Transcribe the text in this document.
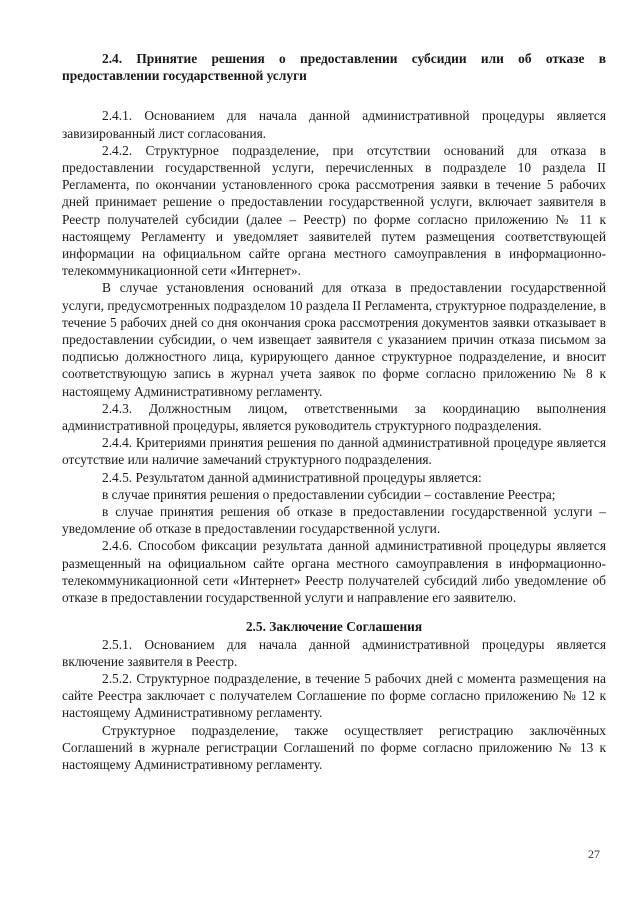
2.4. Принятие решения о предоставлении субсидии или об отказе в предоставлении государственной услуги

2.4.1. Основанием для начала данной административной процедуры является завизированный лист согласования.

2.4.2. Структурное подразделение, при отсутствии оснований для отказа в предоставлении государственной услуги, перечисленных в подразделе 10 раздела II Регламента, по окончании установленного срока рассмотрения заявки в течение 5 рабочих дней принимает решение о предоставлении государственной услуги, включает заявителя в Реестр получателей субсидии (далее – Реестр) по форме согласно приложению № 11 к настоящему Регламенту и уведомляет заявителей путем размещения соответствующей информации на официальном сайте органа местного самоуправления в информационно-телекоммуникационной сети «Интернет».

В случае установления оснований для отказа в предоставлении государственной услуги, предусмотренных подразделом 10 раздела II Регламента, структурное подразделение, в течение 5 рабочих дней со дня окончания срока рассмотрения документов заявки отказывает в предоставлении субсидии, о чем извещает заявителя с указанием причин отказа письмом за подписью должностного лица, курирующего данное структурное подразделение, и вносит соответствующую запись в журнал учета заявок по форме согласно приложению № 8 к настоящему Административному регламенту.

2.4.3. Должностным лицом, ответственными за координацию выполнения административной процедуры, является руководитель структурного подразделения.

2.4.4. Критериями принятия решения по данной административной процедуре является отсутствие или наличие замечаний структурного подразделения.

2.4.5. Результатом данной административной процедуры является:

в случае принятия решения о предоставлении субсидии – составление Реестра;

в случае принятия решения об отказе в предоставлении государственной услуги – уведомление об отказе в предоставлении государственной услуги.

2.4.6. Способом фиксации результата данной административной процедуры является размещенный на официальном сайте органа местного самоуправления в информационно-телекоммуникационной сети «Интернет» Реестр получателей субсидий либо уведомление об отказе в предоставлении государственной услуги и направление его заявителю.

2.5. Заключение Соглашения

2.5.1. Основанием для начала данной административной процедуры является включение заявителя в Реестр.

2.5.2. Структурное подразделение, в течение 5 рабочих дней с момента размещения на сайте Реестра заключает с получателем Соглашение по форме согласно приложению № 12 к настоящему Административному регламенту.

Структурное подразделение, также осуществляет регистрацию заключённых Соглашений в журнале регистрации Соглашений по форме согласно приложению № 13 к настоящему Административному регламенту.

27
